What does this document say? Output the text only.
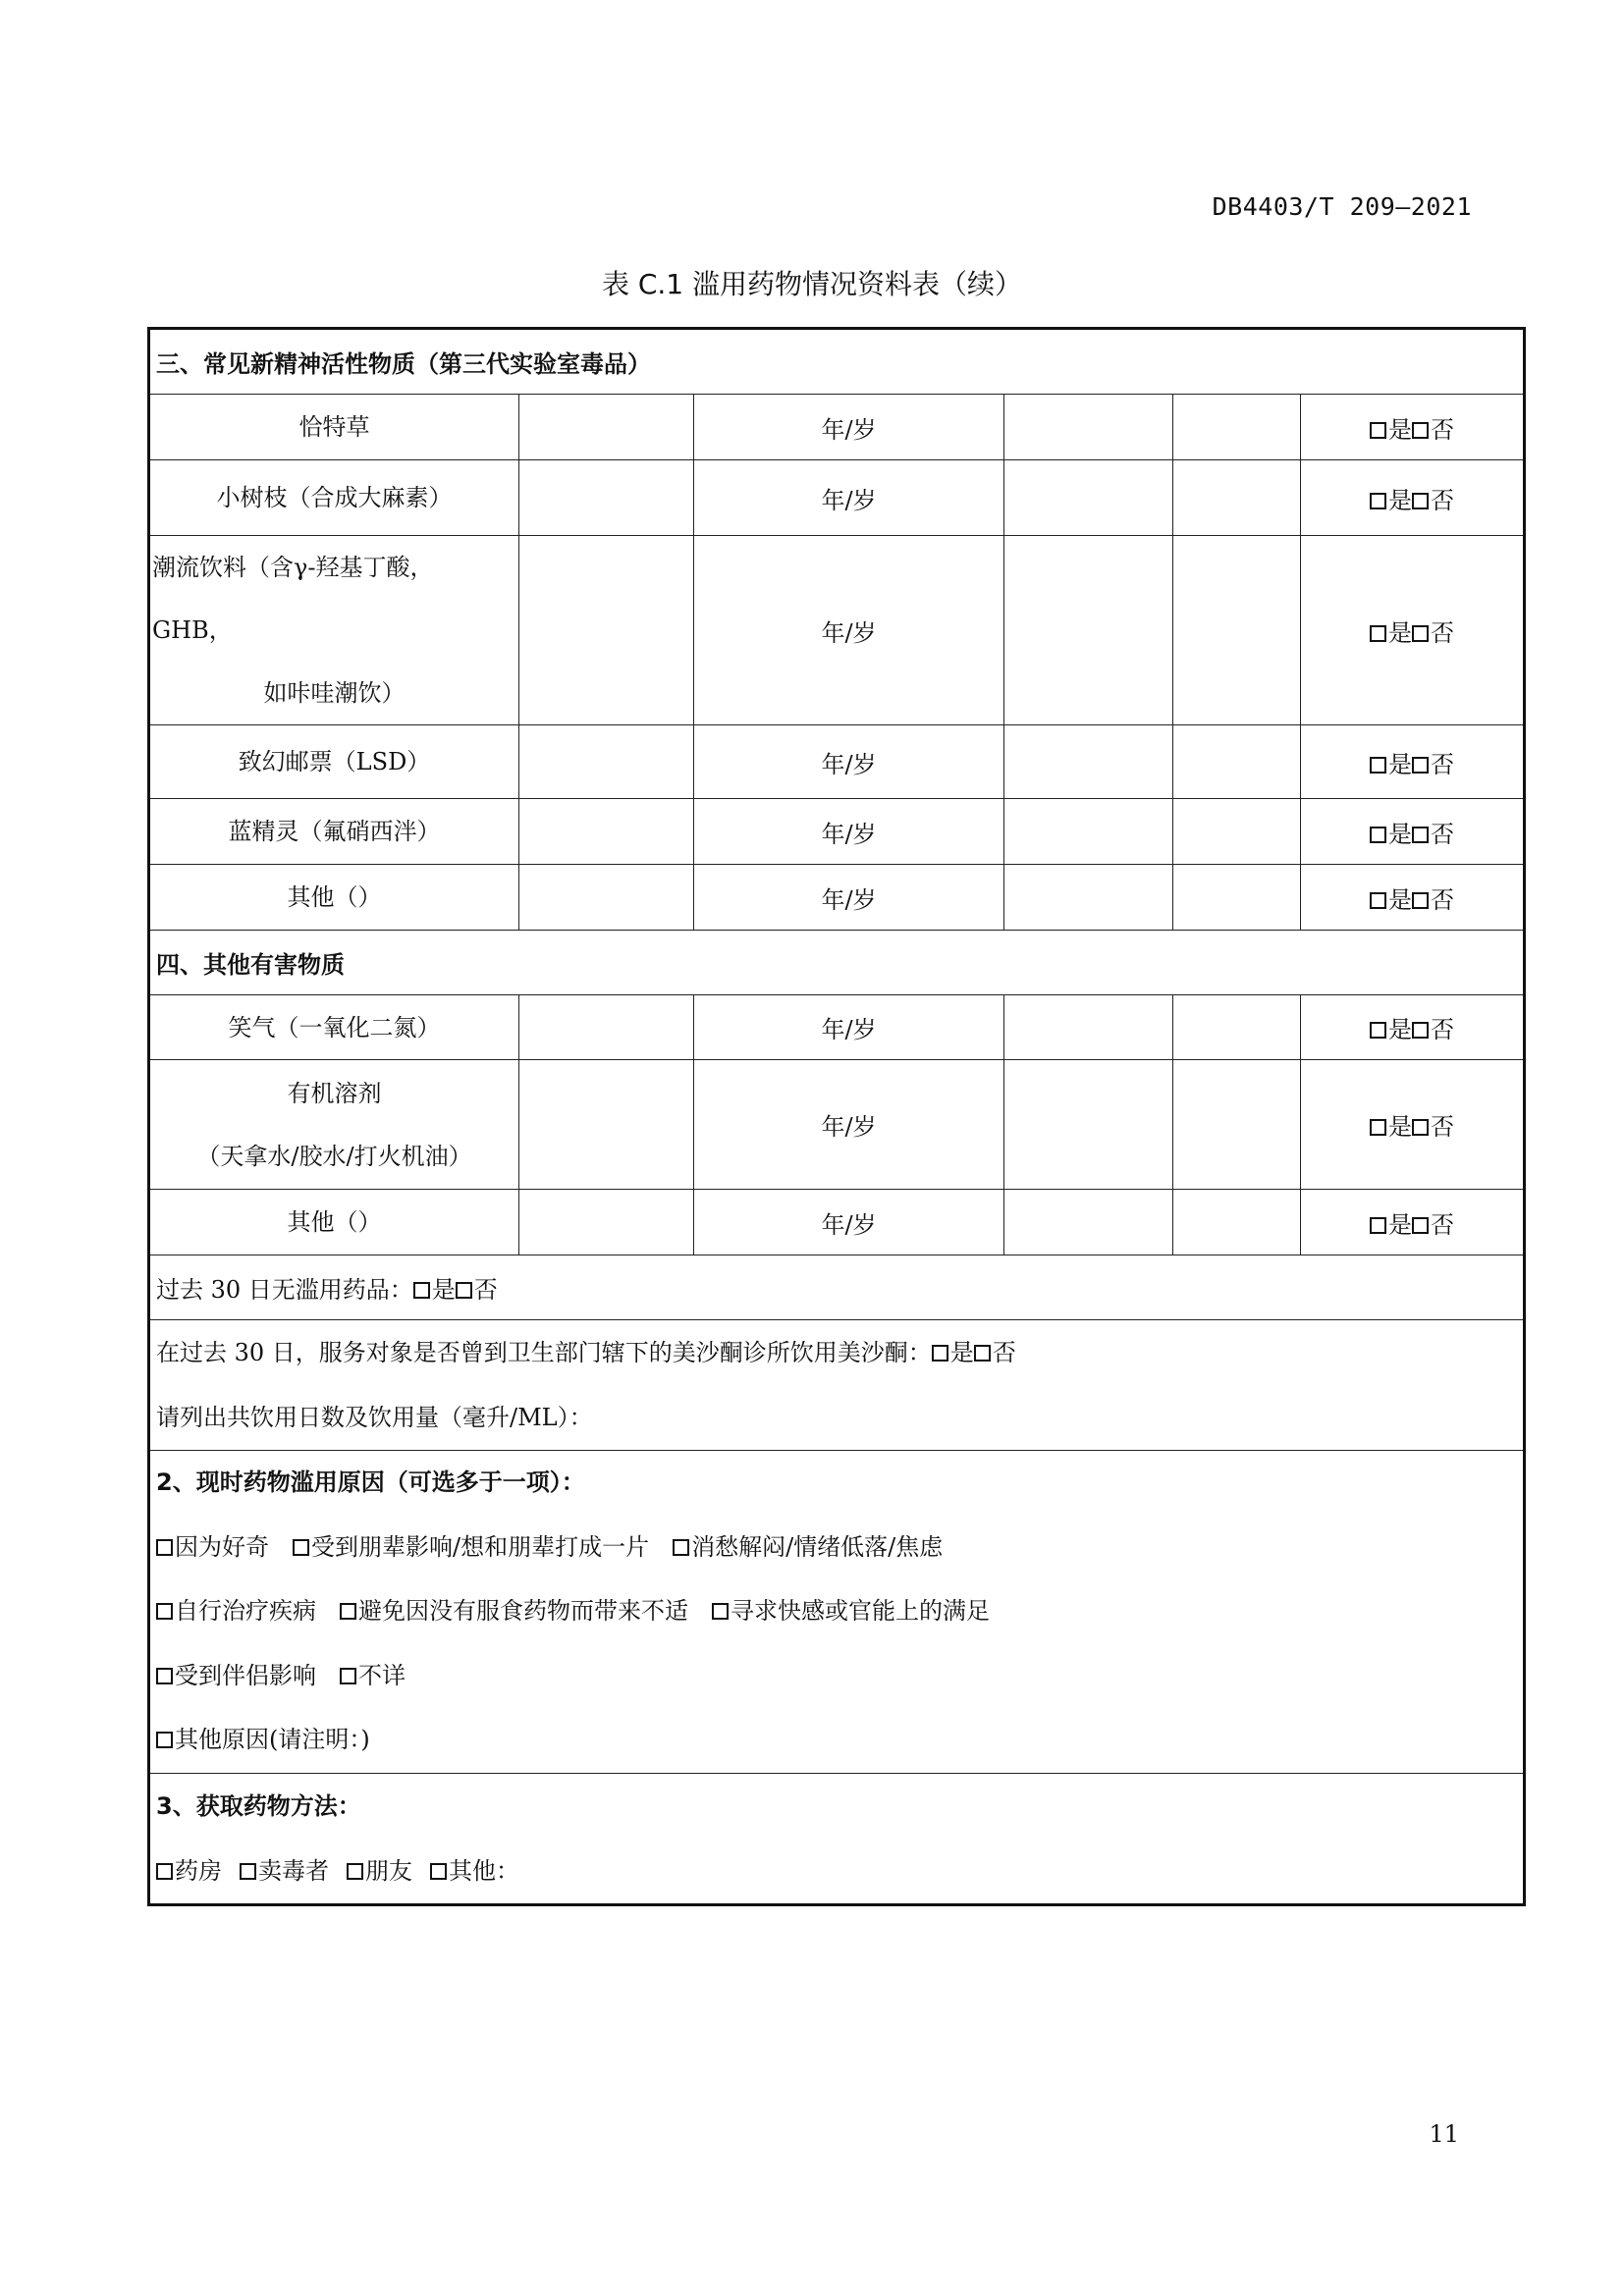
DB4403/T 209—2021
表 C.1 滥用药物情况资料表（续）
三、常见新精神活性物质（第三代实验室毒品）					

恰特草		年/岁			是 否

小树枝（合成大麻素）		年/岁			是 否

潮流饮料（含γ-羟基丁酸，GHB，
如咔哇潮饮）		年/岁			是 否

致幻邮票（LSD）		年/岁			是 否

蓝精灵（氟硝西泮）		年/岁			是 否

其他（）		年/岁			是 否
四、其他有害物质					

笑气（一氧化二氮）		年/岁			是 否

有机溶剂
（天拿水/胶水/打火机油）		年/岁			是 否

其他（）		年/岁			是 否
过去 30 日无滥用药品： 是 否					

在过去 30 日，服务对象是否曾到卫生部门辖下的美沙酮诊所饮用美沙酮： 是 否
请列出共饮用日数及饮用量（毫升/ML）：					

2、现时药物滥用原因（可选多于一项）：
因为好奇 受到朋辈影响/想和朋辈打成一片 消愁解闷/情绪低落/焦虑
自行治疗疾病 避免因没有服食药物而带来不适 寻求快感或官能上的满足
受到伴侣影响 不详
其他原因(请注明：)					

3、获取药物方法：
药房 卖毒者 朋友 其他：					
11
